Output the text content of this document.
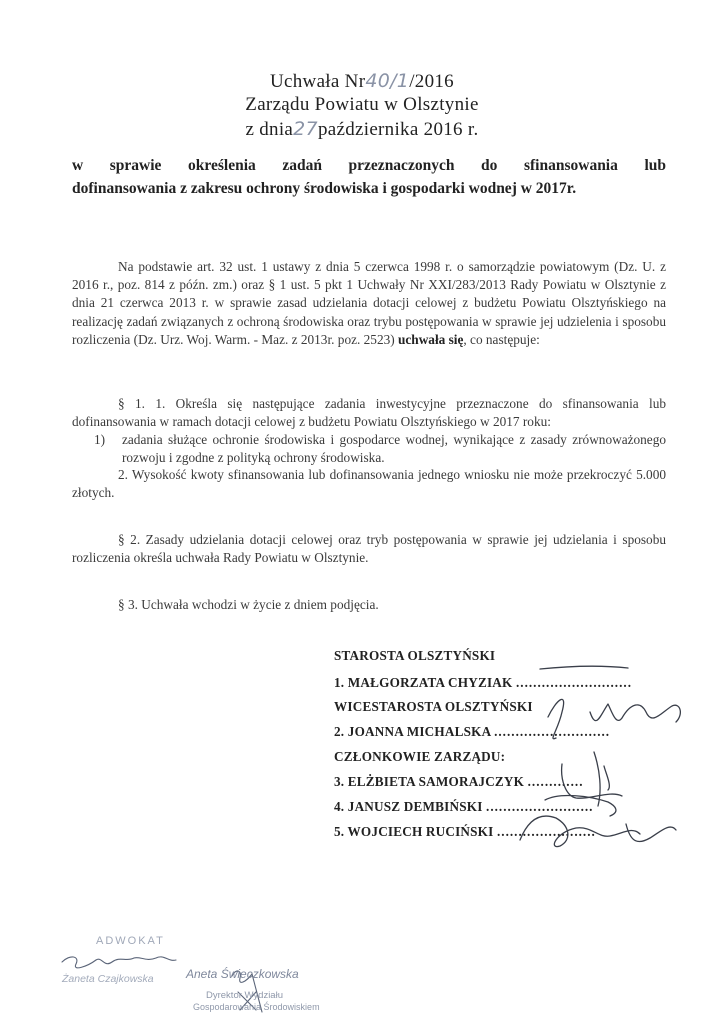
Uchwała Nr40/1/2016
Zarządu Powiatu w Olsztynie
z dnia27października 2016 r.
w sprawie określenia zadań przeznaczonych do sfinansowania lub
dofinansowania z zakresu ochrony środowiska i gospodarki wodnej w 2017r.
Na podstawie art. 32 ust. 1 ustawy z dnia 5 czerwca 1998 r. o samorządzie powiatowym (Dz. U. z 2016 r., poz. 814 z późn. zm.) oraz § 1 ust. 5 pkt 1 Uchwały Nr XXI/283/2013 Rady Powiatu w Olsztynie z dnia 21 czerwca 2013 r. w sprawie zasad udzielania dotacji celowej z budżetu Powiatu Olsztyńskiego na realizację zadań związanych z ochroną środowiska oraz trybu postępowania w sprawie jej udzielenia i sposobu rozliczenia (Dz. Urz. Woj. Warm. - Maz. z 2013r. poz. 2523) uchwała się, co następuje:
§ 1. 1. Określa się następujące zadania inwestycyjne przeznaczone do sfinansowania lub dofinansowania w ramach dotacji celowej z budżetu Powiatu Olsztyńskiego w 2017 roku:
1)	zadania służące ochronie środowiska i gospodarce wodnej, wynikające z zasady zrównoważonego rozwoju i zgodne z polityką ochrony środowiska.
2. Wysokość kwoty sfinansowania lub dofinansowania jednego wniosku nie może przekroczyć 5.000 złotych.
§ 2. Zasady udzielania dotacji celowej oraz tryb postępowania w sprawie jej udzielania i sposobu rozliczenia określa uchwała Rady Powiatu w Olsztynie.
§ 3. Uchwała wchodzi w życie z dniem podjęcia.
STAROSTA OLSZTYŃSKI
1. MAŁGORZATA CHYZIAK ...........................
WICESTAROSTA OLSZTYŃSKI
2. JOANNA MICHALSKA ...........................
CZŁONKOWIE ZARZĄDU:
3. ELŻBIETA SAMORAJCZYK .............
4. JANUSZ DEMBIŃSKI .........................
5. WOJCIECH RUCIŃSKI .......................
ADWOKAT
Żaneta Czajkowska	Aneta Świeczkowska
Dyrektor Wydziału
Gospodarowania Środowiskiem
